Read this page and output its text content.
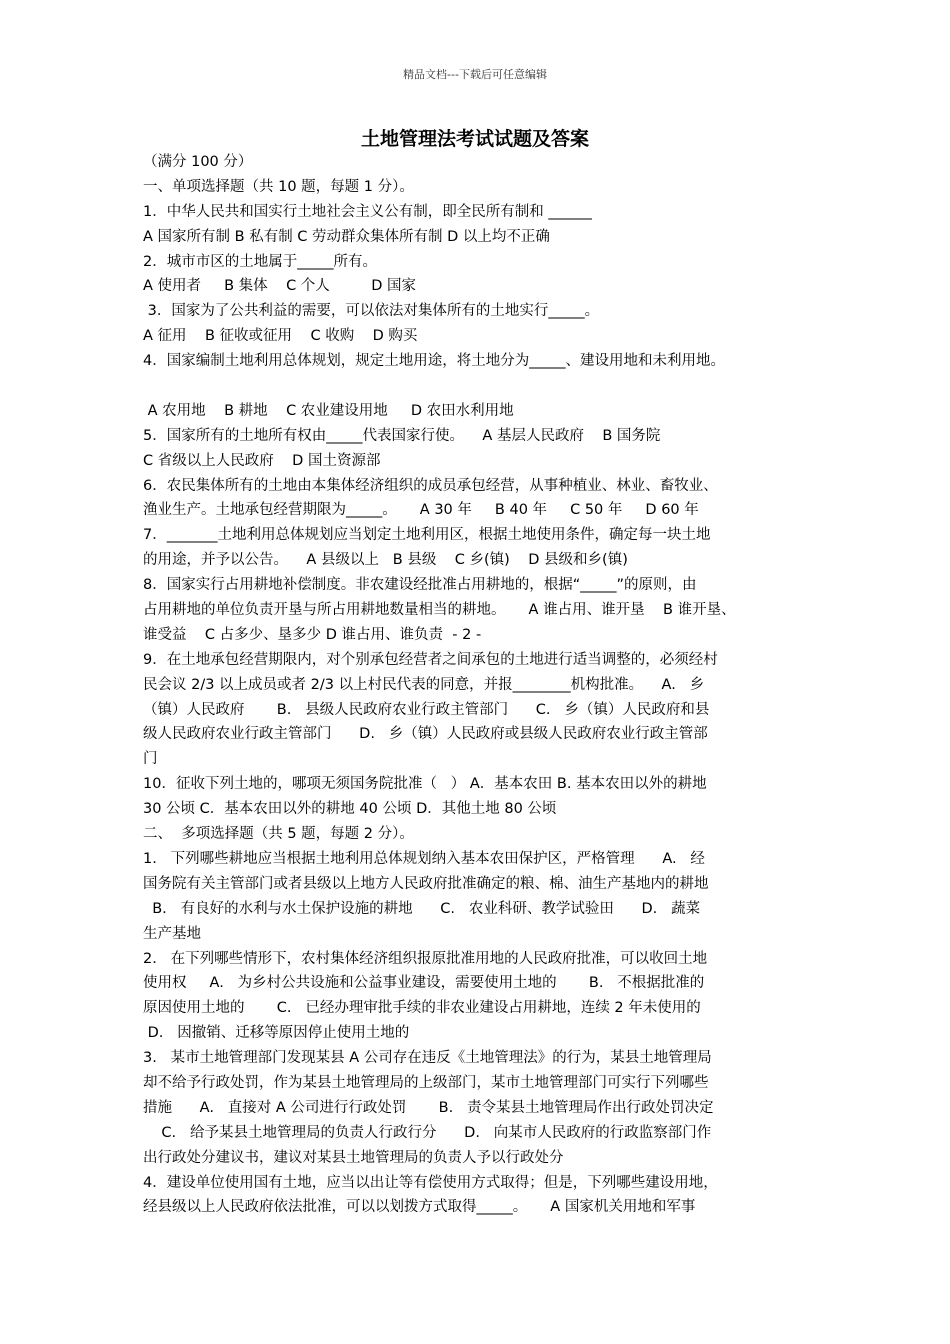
精品文档---下载后可任意编辑
土地管理法考试试题及答案
（满分 100 分）
一、单项选择题（共 10 题，每题 1 分）。
1．中华人民共和国实行土地社会主义公有制，即全民所有制和 ______
A 国家所有制 B 私有制 C 劳动群众集体所有制 D 以上均不正确
2．城市市区的土地属于_____所有。
A 使用者     B 集体    C 个人         D 国家
3．国家为了公共利益的需要，可以依法对集体所有的土地实行_____。
A 征用    B 征收或征用    C 收购    D 购买
4．国家编制土地利用总体规划，规定土地用途，将土地分为_____、建设用地和未利用地。
A 农用地    B 耕地    C 农业建设用地     D 农田水利用地
5．国家所有的土地所有权由_____代表国家行使。    A 基层人民政府    B 国务院
C 省级以上人民政府    D 国土资源部
6．农民集体所有的土地由本集体经济组织的成员承包经营，从事种植业、林业、畜牧业、
渔业生产。土地承包经营期限为_____。     A 30 年     B 40 年     C 50 年     D 60 年
7．_______土地利用总体规划应当划定土地利用区，根据土地使用条件，确定每一块土地
的用途，并予以公告。    A 县级以上   B 县级    C 乡(镇)    D 县级和乡(镇)
8．国家实行占用耕地补偿制度。非农建设经批准占用耕地的，根据“_____”的原则，由
占用耕地的单位负责开垦与所占用耕地数量相当的耕地。     A 谁占用、谁开垦    B 谁开垦、
谁受益    C 占多少、垦多少 D 谁占用、谁负责  - 2 -
9．在土地承包经营期限内，对个别承包经营者之间承包的土地进行适当调整的，必须经村
民会议 2/3 以上成员或者 2/3 以上村民代表的同意，并报________机构批准。    A.   乡
（镇）人民政府       B.   县级人民政府农业行政主管部门      C.   乡（镇）人民政府和县
级人民政府农业行政主管部门      D.   乡（镇）人民政府或县级人民政府农业行政主管部
门
10．征收下列土地的，哪项无须国务院批准（   ） A．基本农田 B. 基本农田以外的耕地
30 公顷 C．基本农田以外的耕地 40 公顷 D．其他土地 80 公顷
二、  多项选择题（共 5 题，每题 2 分）。
1.   下列哪些耕地应当根据土地利用总体规划纳入基本农田保护区，严格管理      A.   经
国务院有关主管部门或者县级以上地方人民政府批准确定的粮、棉、油生产基地内的耕地
B.   有良好的水利与水土保护设施的耕地      C.   农业科研、教学试验田      D.   蔬菜
生产基地
2.   在下列哪些情形下，农村集体经济组织报原批准用地的人民政府批准，可以收回土地
使用权     A.   为乡村公共设施和公益事业建设，需要使用土地的       B.   不根据批准的
原因使用土地的       C.   已经办理审批手续的非农业建设占用耕地，连续 2 年未使用的
D.   因撤销、迁移等原因停止使用土地的
3.   某市土地管理部门发现某县 A 公司存在违反《土地管理法》的行为，某县土地管理局
却不给予行政处罚，作为某县土地管理局的上级部门，某市土地管理部门可实行下列哪些
措施      A.   直接对 A 公司进行行政处罚       B.   责令某县土地管理局作出行政处罚决定
C.   给予某县土地管理局的负责人行政行分      D.   向某市人民政府的行政监察部门作
出行政处分建议书，建议对某县土地管理局的负责人予以行政处分
4．建设单位使用国有土地，应当以出让等有偿使用方式取得；但是，下列哪些建设用地，
经县级以上人民政府依法批准，可以以划拨方式取得_____。     A 国家机关用地和军事
